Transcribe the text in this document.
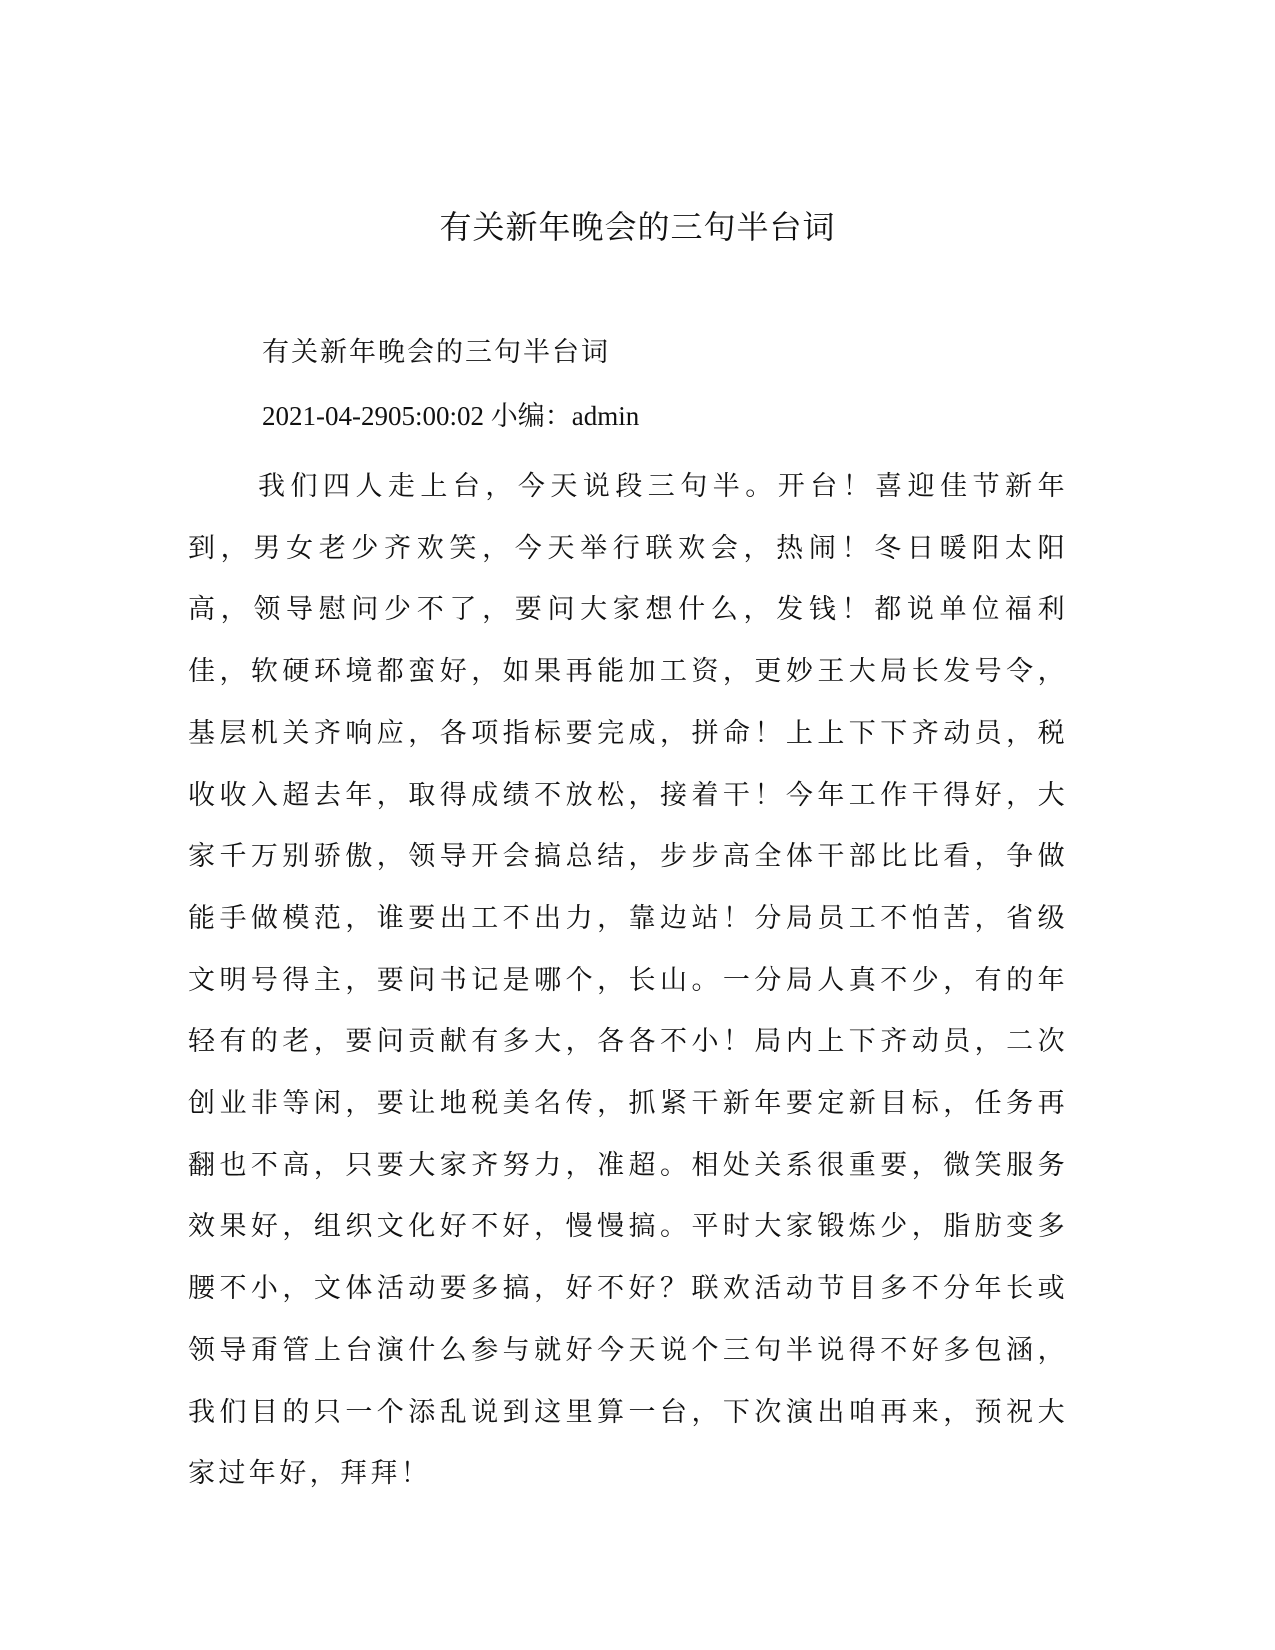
有关新年晚会的三句半台词

有关新年晚会的三句半台词

2021-04-2905:00:02 小编：admin

我们四人走上台，今天说段三句半。开台！喜迎佳节新年到，男女老少齐欢笑，今天举行联欢会，热闹！冬日暖阳太阳高，领导慰问少不了，要问大家想什么，发钱！都说单位福利佳，软硬环境都蛮好，如果再能加工资，更妙王大局长发号令，基层机关齐响应，各项指标要完成，拼命！上上下下齐动员，税收收入超去年，取得成绩不放松，接着干！今年工作干得好，大家千万别骄傲，领导开会搞总结，步步高全体干部比比看，争做能手做模范，谁要出工不出力，靠边站！分局员工不怕苦，省级文明号得主，要问书记是哪个，长山。一分局人真不少，有的年轻有的老，要问贡献有多大，各各不小！局内上下齐动员，二次创业非等闲，要让地税美名传，抓紧干新年要定新目标，任务再翻也不高，只要大家齐努力，准超。相处关系很重要，微笑服务效果好，组织文化好不好，慢慢搞。平时大家锻炼少，脂肪变多腰不小，文体活动要多搞，好不好？联欢活动节目多不分年长或领导甭管上台演什么参与就好今天说个三句半说得不好多包涵，我们目的只一个添乱说到这里算一台，下次演出咱再来，预祝大家过年好，拜拜！
